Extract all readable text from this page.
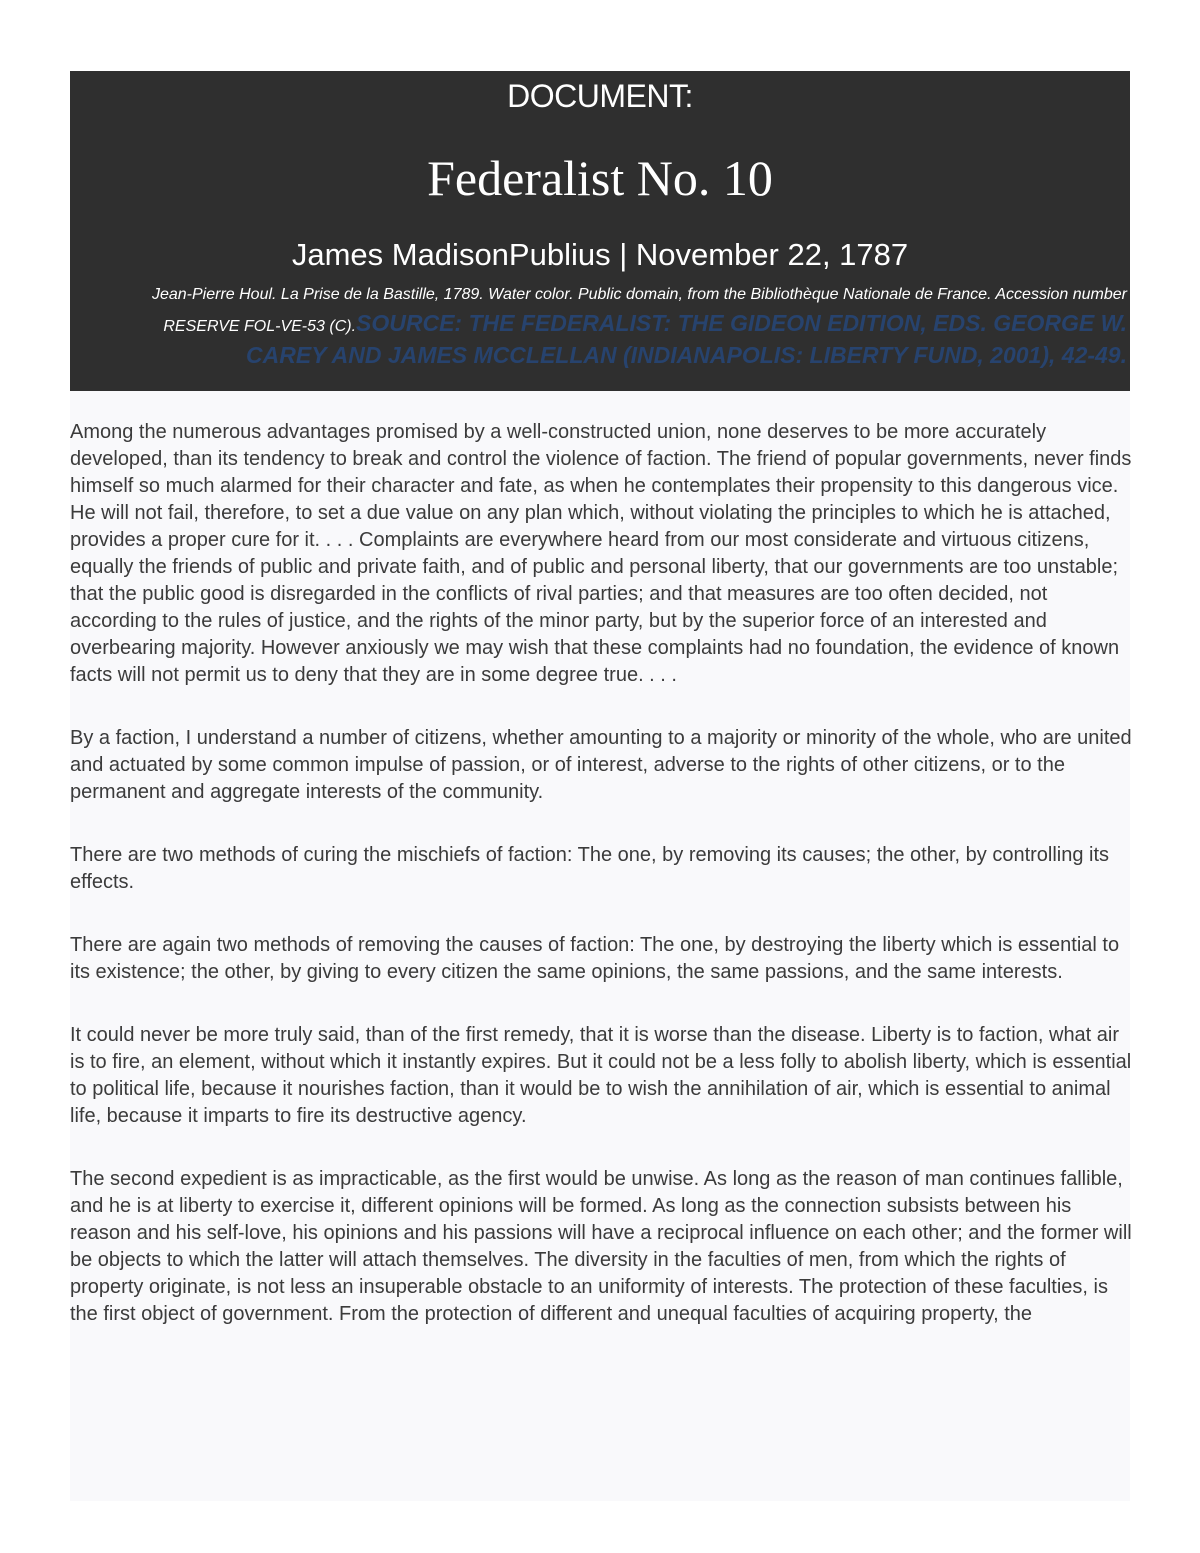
DOCUMENT:
Federalist No. 10
James MadisonPublius | November 22, 1787
Jean-Pierre Houl. La Prise de la Bastille, 1789. Water color. Public domain, from the Bibliothèque Nationale de France. Accession number RESERVE FOL-VE-53 (C).SOURCE: THE FEDERALIST: THE GIDEON EDITION, EDS. GEORGE W. CAREY AND JAMES MCCLELLAN (INDIANAPOLIS: LIBERTY FUND, 2001), 42-49.

Among the numerous advantages promised by a well-constructed union, none deserves to be more accurately developed, than its tendency to break and control the violence of faction. The friend of popular governments, never finds himself so much alarmed for their character and fate, as when he contemplates their propensity to this dangerous vice. He will not fail, therefore, to set a due value on any plan which, without violating the principles to which he is attached, provides a proper cure for it. . . . Complaints are everywhere heard from our most considerate and virtuous citizens, equally the friends of public and private faith, and of public and personal liberty, that our governments are too unstable; that the public good is disregarded in the conflicts of rival parties; and that measures are too often decided, not according to the rules of justice, and the rights of the minor party, but by the superior force of an interested and overbearing majority. However anxiously we may wish that these complaints had no foundation, the evidence of known facts will not permit us to deny that they are in some degree true. . . .

By a faction, I understand a number of citizens, whether amounting to a majority or minority of the whole, who are united and actuated by some common impulse of passion, or of interest, adverse to the rights of other citizens, or to the permanent and aggregate interests of the community.

There are two methods of curing the mischiefs of faction: The one, by removing its causes; the other, by controlling its effects.

There are again two methods of removing the causes of faction: The one, by destroying the liberty which is essential to its existence; the other, by giving to every citizen the same opinions, the same passions, and the same interests.

It could never be more truly said, than of the first remedy, that it is worse than the disease. Liberty is to faction, what air is to fire, an element, without which it instantly expires. But it could not be a less folly to abolish liberty, which is essential to political life, because it nourishes faction, than it would be to wish the annihilation of air, which is essential to animal life, because it imparts to fire its destructive agency.

The second expedient is as impracticable, as the first would be unwise. As long as the reason of man continues fallible, and he is at liberty to exercise it, different opinions will be formed. As long as the connection subsists between his reason and his self-love, his opinions and his passions will have a reciprocal influence on each other; and the former will be objects to which the latter will attach themselves. The diversity in the faculties of men, from which the rights of property originate, is not less an insuperable obstacle to an uniformity of interests. The protection of these faculties, is the first object of government. From the protection of different and unequal faculties of acquiring property, the
